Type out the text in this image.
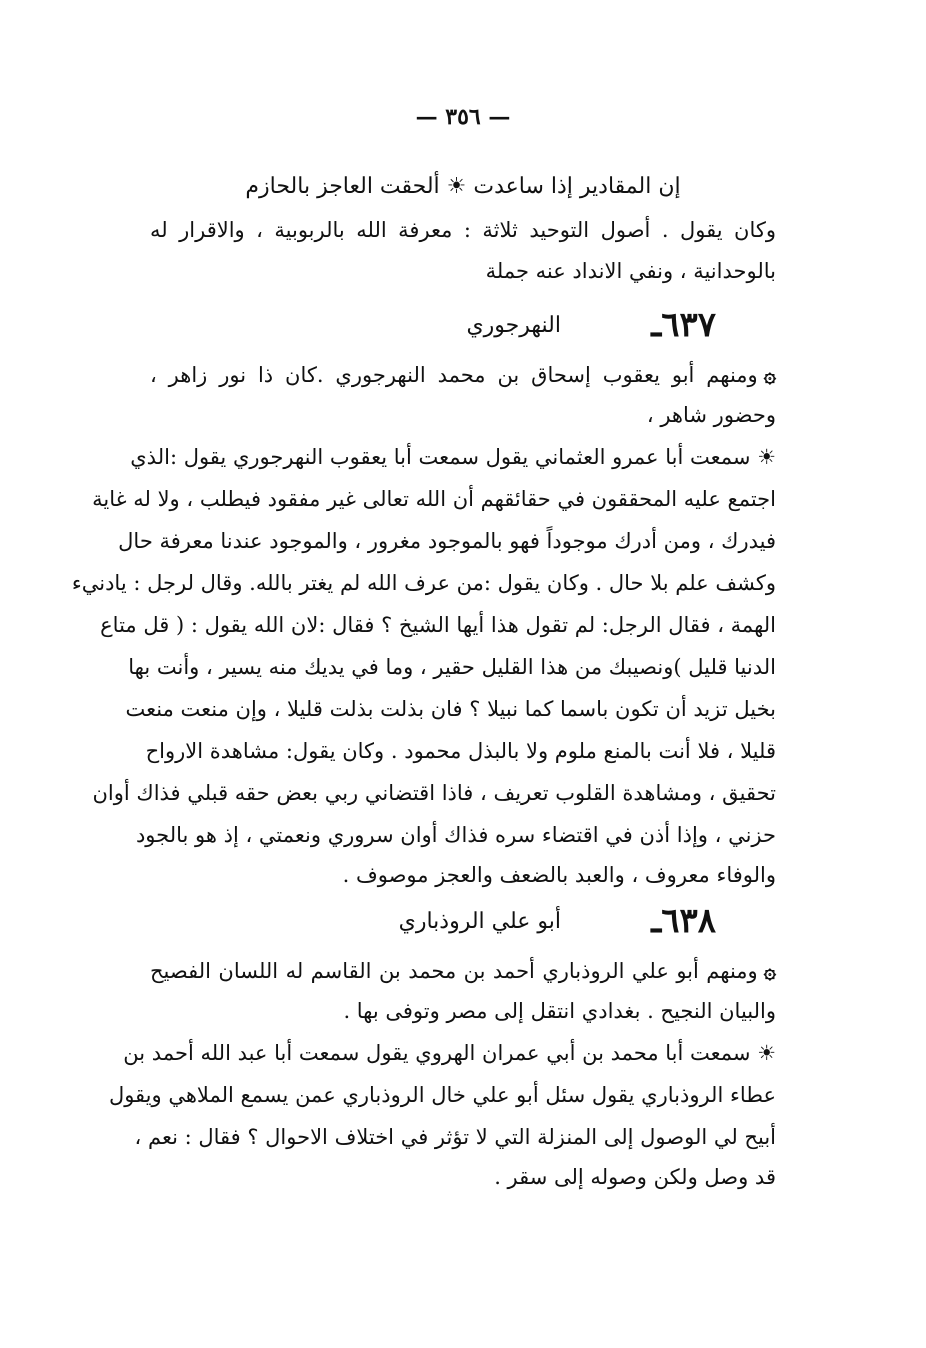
— ٣٥٦ —
إن المقادير إذا ساعدت ☀ ألحقت العاجز بالحازم
وكان يقول . أصول التوحيد ثلاثة : معرفة الله بالربوبية ، والاقرار له
بالوحدانية ، ونفي الانداد عنه جملة
٦٣٧ـ
النهرجوري
۞ومنهم أبو يعقوب إسحاق بن محمد النهرجوري .كان ذا نور زاهر ،
وحضور شاهر ،
☀ سمعت أبا عمرو العثماني يقول سمعت أبا يعقوب النهرجوري يقول :الذي
اجتمع عليه المحققون في حقائقهم أن الله تعالى غير مفقود فيطلب ، ولا له غاية
فيدرك ، ومن أدرك موجوداً فهو بالموجود مغرور ، والموجود عندنا معرفة حال
وكشف علم بلا حال . وكان يقول :من عرف الله لم يغتر بالله. وقال لرجل : يادنيء
الهمة ، فقال الرجل: لم تقول هذا أيها الشيخ ؟ فقال :لان الله يقول : ( قل متاع
الدنيا قليل )ونصيبك من هذا القليل حقير ، وما في يديك منه يسير ، وأنت بها
بخيل تزيد أن تكون باسما كما نبيلا ؟ فان بذلت بذلت قليلا ، وإن منعت منعت
قليلا ، فلا أنت بالمنع ملوم ولا بالبذل محمود . وكان يقول: مشاهدة الارواح
تحقيق ، ومشاهدة القلوب تعريف ، فاذا اقتضاني ربي بعض حقه قبلي فذاك أوان
حزني ، وإذا أذن في اقتضاء سره فذاك أوان سروري ونعمتي ، إذ هو بالجود
والوفاء معروف ، والعبد بالضعف والعجز موصوف .
٦٣٨ـ
أبو علي الروذباري
۞ومنهم أبو علي الروذباري أحمد بن محمد بن القاسم له اللسان الفصيح
والبيان النجيح . بغدادي انتقل إلى مصر وتوفى بها .
☀ سمعت أبا محمد بن أبي عمران الهروي يقول سمعت أبا عبد الله أحمد بن
عطاء الروذباري يقول سئل أبو علي خال الروذباري عمن يسمع الملاهي ويقول
أبيح لي الوصول إلى المنزلة التي لا تؤثر في اختلاف الاحوال ؟ فقال : نعم ،
قد وصل ولكن وصوله إلى سقر .
